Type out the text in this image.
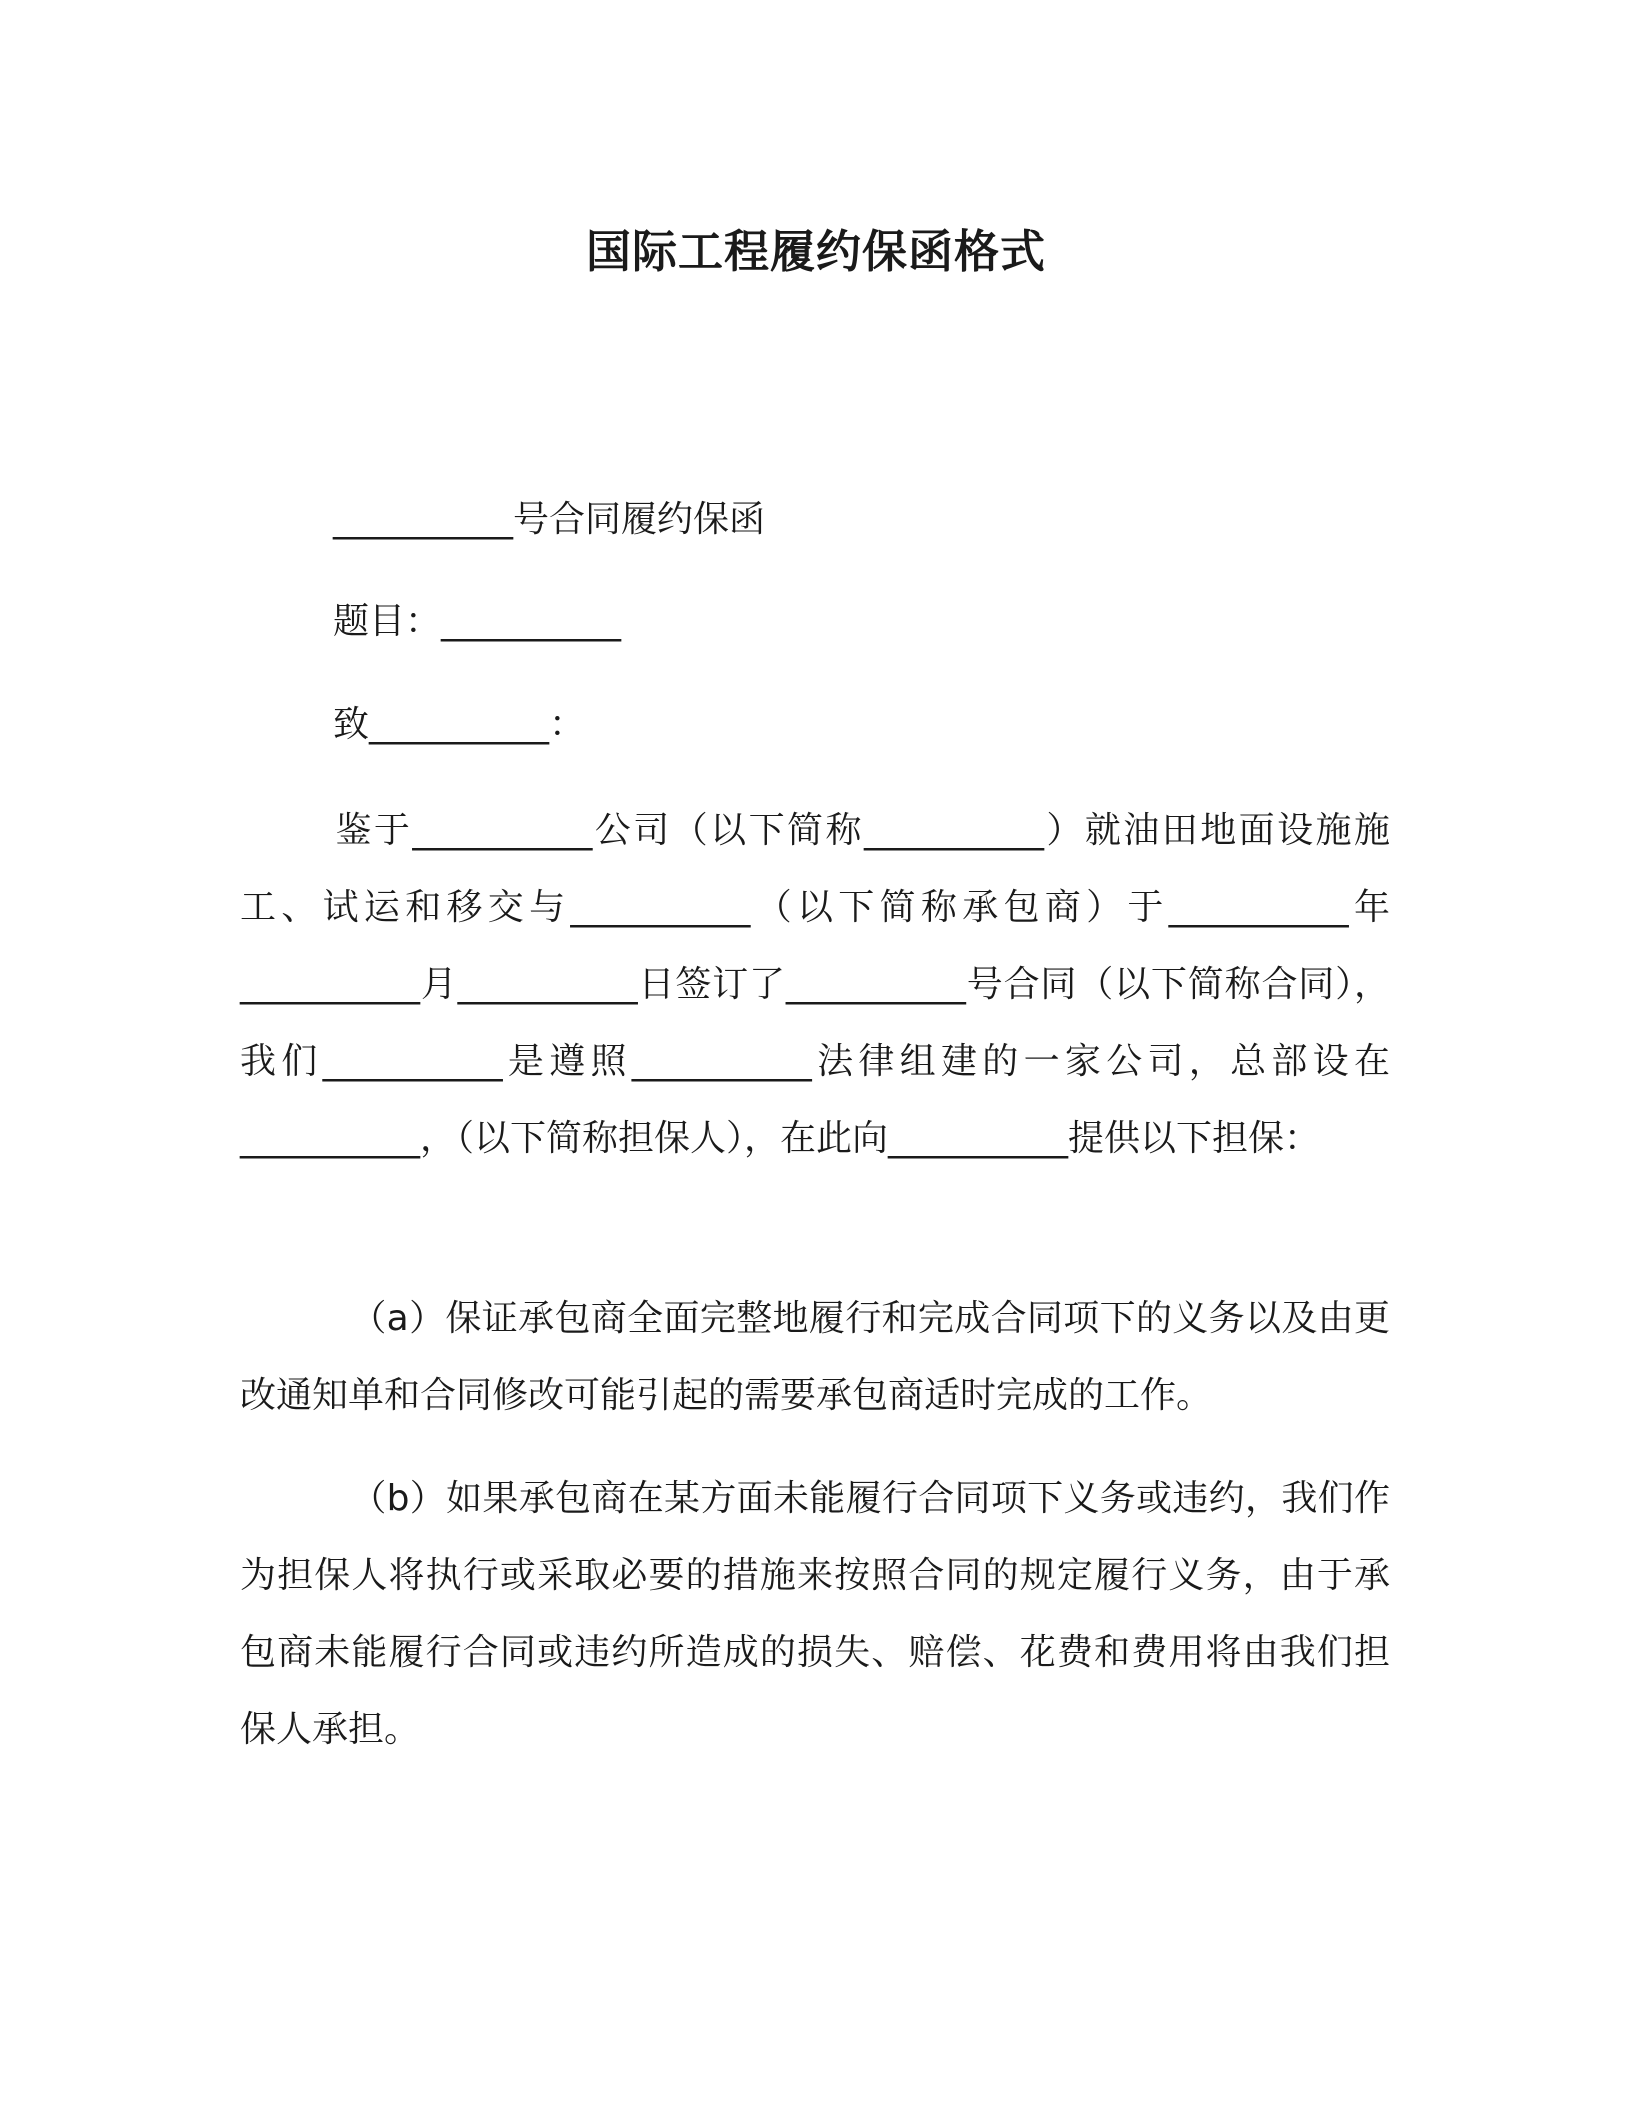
国际工程履约保函格式
__________号合同履约保函
题目：__________
致__________：

鉴于__________公司（以下简称__________）就油田地面设施施工、试运和移交与__________（以下简称承包商）于__________年__________月__________日签订了__________号合同（以下简称合同），我们__________是遵照__________法律组建的一家公司，总部设在__________，（以下简称担保人），在此向__________提供以下担保：

（a）保证承包商全面完整地履行和完成合同项下的义务以及由更改通知单和合同修改可能引起的需要承包商适时完成的工作。

（b）如果承包商在某方面未能履行合同项下义务或违约，我们作为担保人将执行或采取必要的措施来按照合同的规定履行义务，由于承包商未能履行合同或违约所造成的损失、赔偿、花费和费用将由我们担保人承担。
